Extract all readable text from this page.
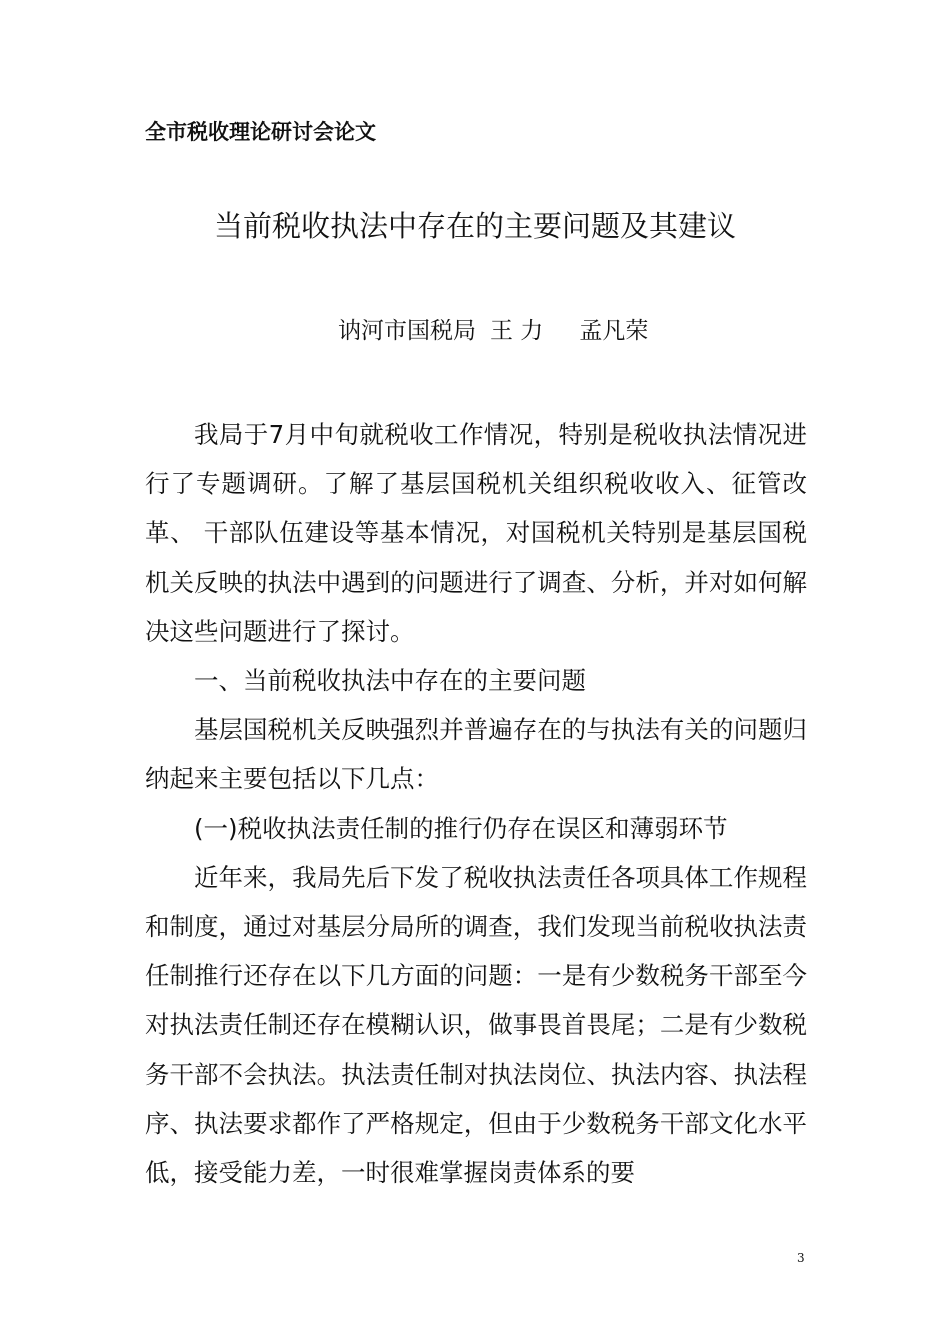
全市税收理论研讨会论文
当前税收执法中存在的主要问题及其建议
讷河市国税局 王 力 孟凡荣

我局于7月中旬就税收工作情况，特别是税收执法情况进行了专题调研。了解了基层国税机关组织税收收入、征管改革、 干部队伍建设等基本情况，对国税机关特别是基层国税机关反映的执法中遇到的问题进行了调查、分析，并对如何解决这些问题进行了探讨。

一、当前税收执法中存在的主要问题

基层国税机关反映强烈并普遍存在的与执法有关的问题归纳起来主要包括以下几点：

(一)税收执法责任制的推行仍存在误区和薄弱环节

近年来，我局先后下发了税收执法责任各项具体工作规程和制度，通过对基层分局所的调查，我们发现当前税收执法责任制推行还存在以下几方面的问题：一是有少数税务干部至今对执法责任制还存在模糊认识，做事畏首畏尾；二是有少数税务干部不会执法。执法责任制对执法岗位、执法内容、执法程序、执法要求都作了严格规定，但由于少数税务干部文化水平低，接受能力差，一时很难掌握岗责体系的要

3
